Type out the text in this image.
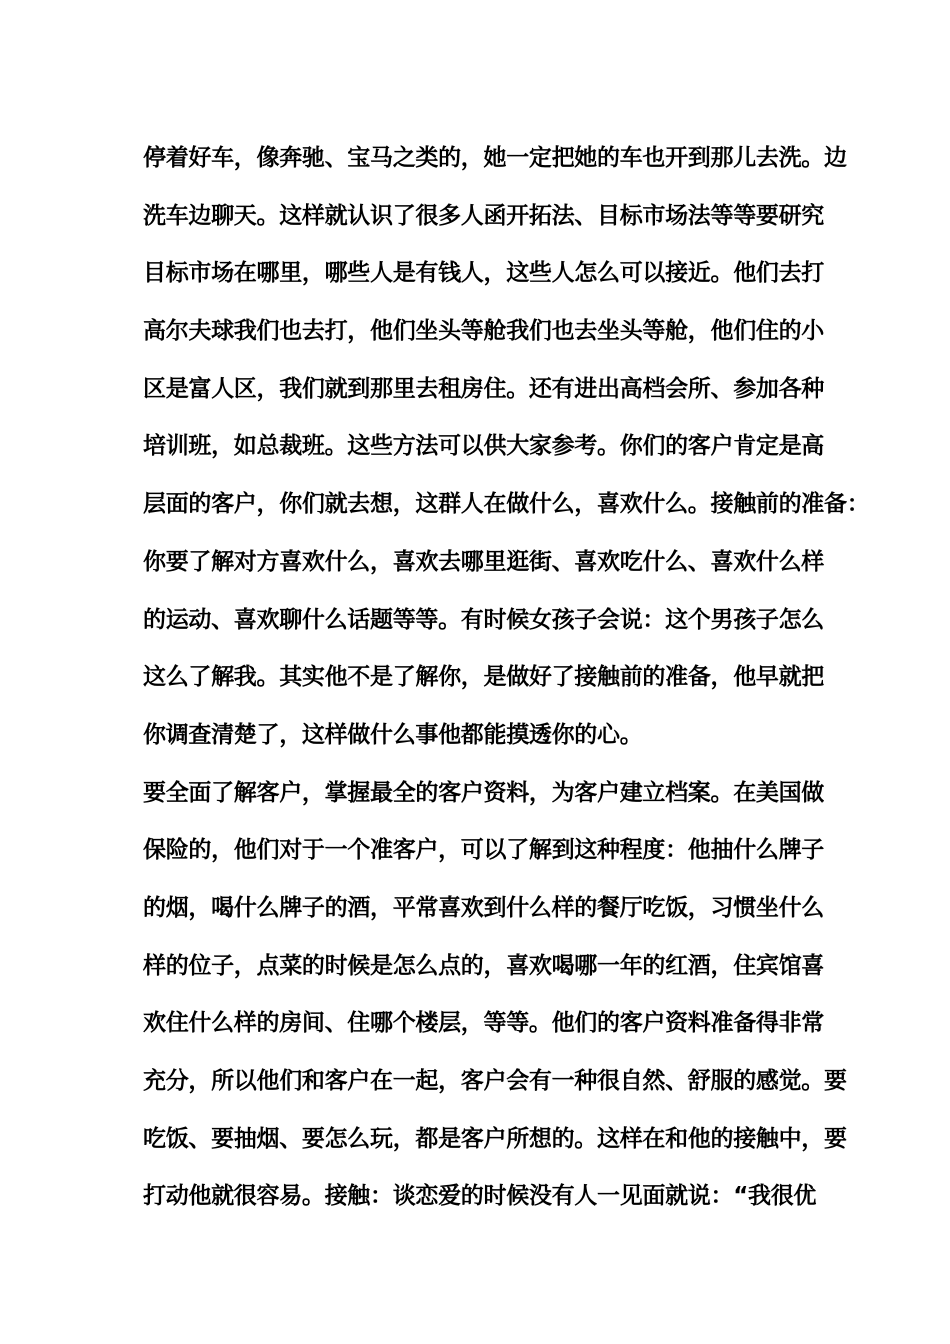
停着好车，像奔驰、宝马之类的，她一定把她的车也开到那儿去洗。边
洗车边聊天。这样就认识了很多人函开拓法、目标市场法等等要研究
目标市场在哪里，哪些人是有钱人，这些人怎么可以接近。他们去打
高尔夫球我们也去打，他们坐头等舱我们也去坐头等舱，他们住的小
区是富人区，我们就到那里去租房住。还有进出高档会所、参加各种
培训班，如总裁班。这些方法可以供大家参考。你们的客户肯定是高
层面的客户，你们就去想，这群人在做什么，喜欢什么。接触前的准备：
你要了解对方喜欢什么，喜欢去哪里逛街、喜欢吃什么、喜欢什么样
的运动、喜欢聊什么话题等等。有时候女孩子会说：这个男孩子怎么
这么了解我。其实他不是了解你，是做好了接触前的准备，他早就把
你调查清楚了，这样做什么事他都能摸透你的心。
要全面了解客户，掌握最全的客户资料，为客户建立档案。在美国做
保险的，他们对于一个准客户，可以了解到这种程度：他抽什么牌子
的烟，喝什么牌子的酒，平常喜欢到什么样的餐厅吃饭，习惯坐什么
样的位子，点菜的时候是怎么点的，喜欢喝哪一年的红酒，住宾馆喜
欢住什么样的房间、住哪个楼层，等等。他们的客户资料准备得非常
充分，所以他们和客户在一起，客户会有一种很自然、舒服的感觉。要
吃饭、要抽烟、要怎么玩，都是客户所想的。这样在和他的接触中，要
打动他就很容易。接触：谈恋爱的时候没有人一见面就说：“我很优
